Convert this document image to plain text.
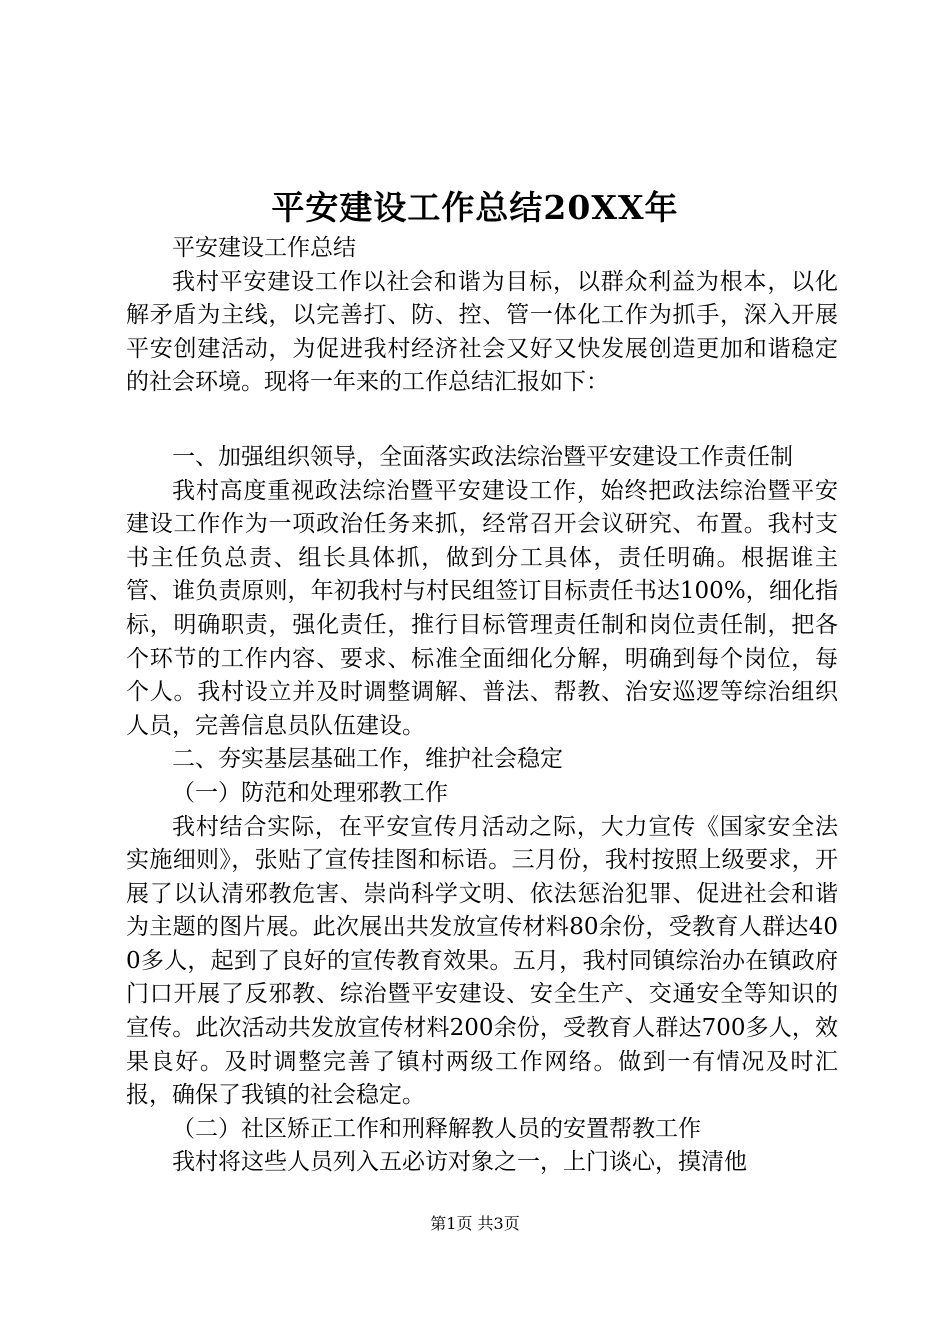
平安建设工作总结20XX年

平安建设工作总结

我村平安建设工作以社会和谐为目标，以群众利益为根本，以化解矛盾为主线，以完善打、防、控、管一体化工作为抓手，深入开展平安创建活动，为促进我村经济社会又好又快发展创造更加和谐稳定的社会环境。现将一年来的工作总结汇报如下：

一、加强组织领导，全面落实政法综治暨平安建设工作责任制

我村高度重视政法综治暨平安建设工作，始终把政法综治暨平安建设工作作为一项政治任务来抓，经常召开会议研究、布置。我村支书主任负总责、组长具体抓，做到分工具体，责任明确。根据谁主管、谁负责原则，年初我村与村民组签订目标责任书达100%，细化指标，明确职责，强化责任，推行目标管理责任制和岗位责任制，把各个环节的工作内容、要求、标准全面细化分解，明确到每个岗位，每个人。我村设立并及时调整调解、普法、帮教、治安巡逻等综治组织人员，完善信息员队伍建设。

二、夯实基层基础工作，维护社会稳定

（一）防范和处理邪教工作

我村结合实际，在平安宣传月活动之际，大力宣传《国家安全法实施细则》，张贴了宣传挂图和标语。三月份，我村按照上级要求，开展了以认清邪教危害、崇尚科学文明、依法惩治犯罪、促进社会和谐为主题的图片展。此次展出共发放宣传材料80余份，受教育人群达400多人，起到了良好的宣传教育效果。五月，我村同镇综治办在镇政府门口开展了反邪教、综治暨平安建设、安全生产、交通安全等知识的宣传。此次活动共发放宣传材料200余份，受教育人群达700多人，效果良好。及时调整完善了镇村两级工作网络。做到一有情况及时汇报，确保了我镇的社会稳定。

（二）社区矫正工作和刑释解教人员的安置帮教工作

我村将这些人员列入五必访对象之一，上门谈心，摸清他

第1页 共3页
